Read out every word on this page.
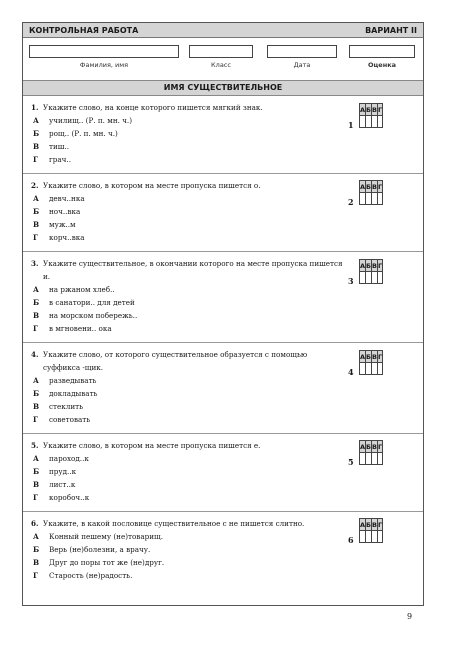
КОНТРОЛЬНАЯ РАБОТА	ВАРИАНТ II
Фамилия, имя	Класс	Дата	Оценка
ИМЯ СУЩЕСТВИТЕЛЬНОЕ
1. Укажите слово, на конце которого пишется мягкий знак.
А	училищ.. (Р. п. мн. ч.)
Б	рощ.. (Р. п. мн. ч.)
В	тиш..
Г	грач..
1
А	Б	В	Г

2. Укажите слово, в котором на месте пропуска пишется о.
А	девч..нка
Б	ноч..вка
В	муж..м
Г	корч..вка
2
А	Б	В	Г

3. Укажите существительное, в окончании которого на месте пропуска пишется и.
А	на ржаном хлеб..
Б	в санатори.. для детей
В	на морском побережь..
Г	в мгновени.. ока
3
А	Б	В	Г

4. Укажите слово, от которого существительное образуется с помощью суффикса -щик.
А	разведывать
Б	докладывать
В	стеклить
Г	советовать
4
А	Б	В	Г

5. Укажите слово, в котором на месте пропуска пишется е.
А	пароход..к
Б	пруд..к
В	лист..к
Г	коробоч..к
5
А	Б	В	Г

6. Укажите, в какой пословице существительное с не пишется слитно.
А	Конный пешему (не)товарищ.
Б	Верь (не)болезни, а врачу.
В	Друг до поры тот же (не)друг.
Г	Старость (не)радость.
6
А	Б	В	Г

9
